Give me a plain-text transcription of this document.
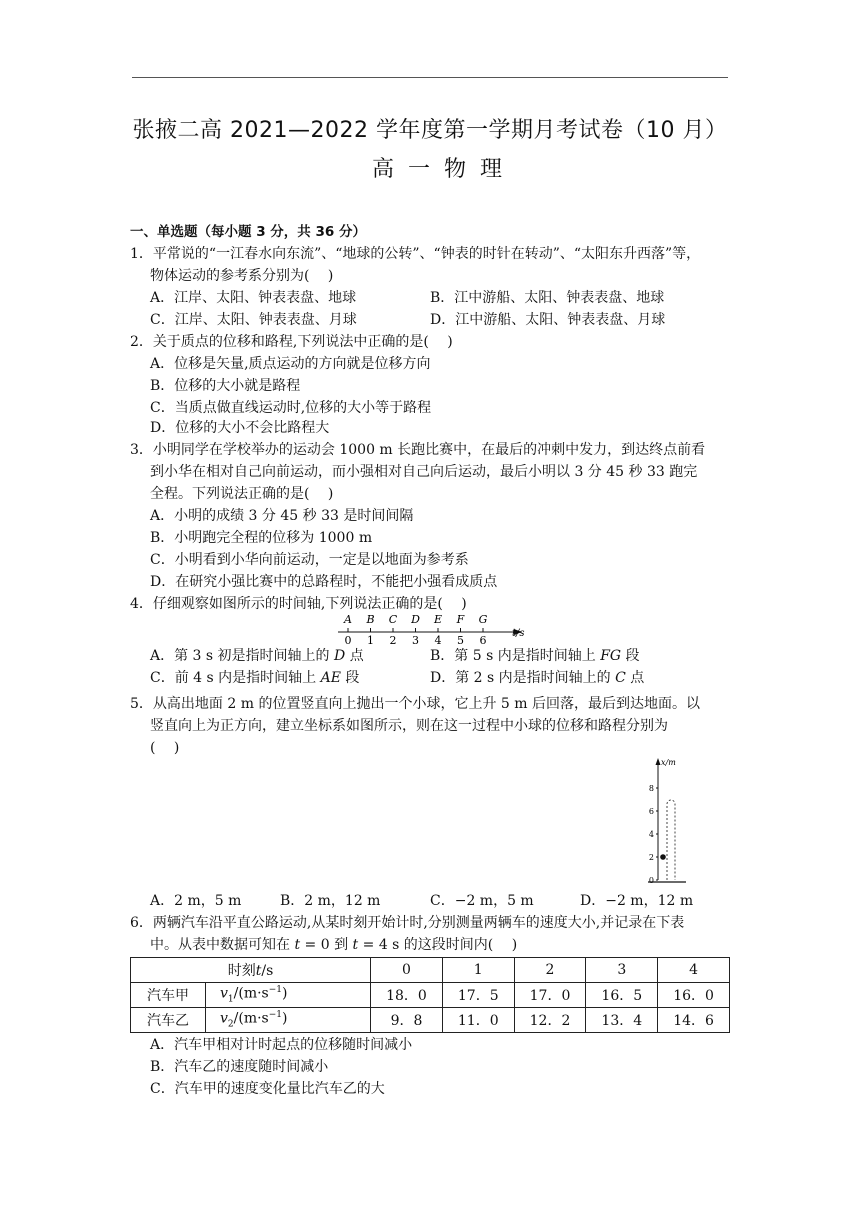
张掖二高 2021—2022 学年度第一学期月考试卷（10 月）
高一物理
一、单选题（每小题 3 分，共 36 分）
1．平常说的“一江春水向东流”、“地球的公转”、“钟表的时针在转动”、“太阳东升西落”等，
物体运动的参考系分别为(　 )
A．江岸、太阳、钟表表盘、地球	B．江中游船、太阳、钟表表盘、地球
C．江岸、太阳、钟表表盘、月球	D．江中游船、太阳、钟表表盘、月球
2．关于质点的位移和路程,下列说法中正确的是(　 )
A．位移是矢量,质点运动的方向就是位移方向
B．位移的大小就是路程
C．当质点做直线运动时,位移的大小等于路程
D．位移的大小不会比路程大
3．小明同学在学校举办的运动会 1000 m 长跑比赛中，在最后的冲刺中发力，到达终点前看
到小华在相对自己向前运动，而小强相对自己向后运动，最后小明以 3 分 45 秒 33 跑完
全程。下列说法正确的是(　 )
A．小明的成绩 3 分 45 秒 33 是时间间隔
B．小明跑完全程的位移为 1000 m
C．小明看到小华向前运动，一定是以地面为参考系
D．在研究小强比赛中的总路程时，不能把小强看成质点
4．仔细观察如图所示的时间轴,下列说法正确的是(　 )
A B C D E F G
0 1 2 3 4 5 6
t/s
A．第 3 s 初是指时间轴上的 D 点	B．第 5 s 内是指时间轴上 FG 段
C．前 4 s 内是指时间轴上 AE 段	D．第 2 s 内是指时间轴上的 C 点
5．从高出地面 2 m 的位置竖直向上抛出一个小球，它上升 5 m 后回落，最后到达地面。以
竖直向上为正方向，建立坐标系如图所示，则在这一过程中小球的位移和路程分别为
(　 )
x/m
8
6
4
2
0
A．2 m，5 m	B．2 m，12 m	C．−2 m，5 m	D．−2 m，12 m
6．两辆汽车沿平直公路运动,从某时刻开始计时,分别测量两辆车的速度大小,并记录在下表
中。从表中数据可知在 t = 0 到 t = 4 s 的这段时间内(　 )
时刻t/s		0	1	2	3	4
汽车甲	$v_1/(m\cdot s^{-1})$	18．0	17．5	17．0	16．5	16．0
汽车乙	$v_2/(m\cdot s^{-1})$	9．8	11．0	12．2	13．4	14．6
A．汽车甲相对计时起点的位移随时间减小
B．汽车乙的速度随时间减小
C．汽车甲的速度变化量比汽车乙的大
